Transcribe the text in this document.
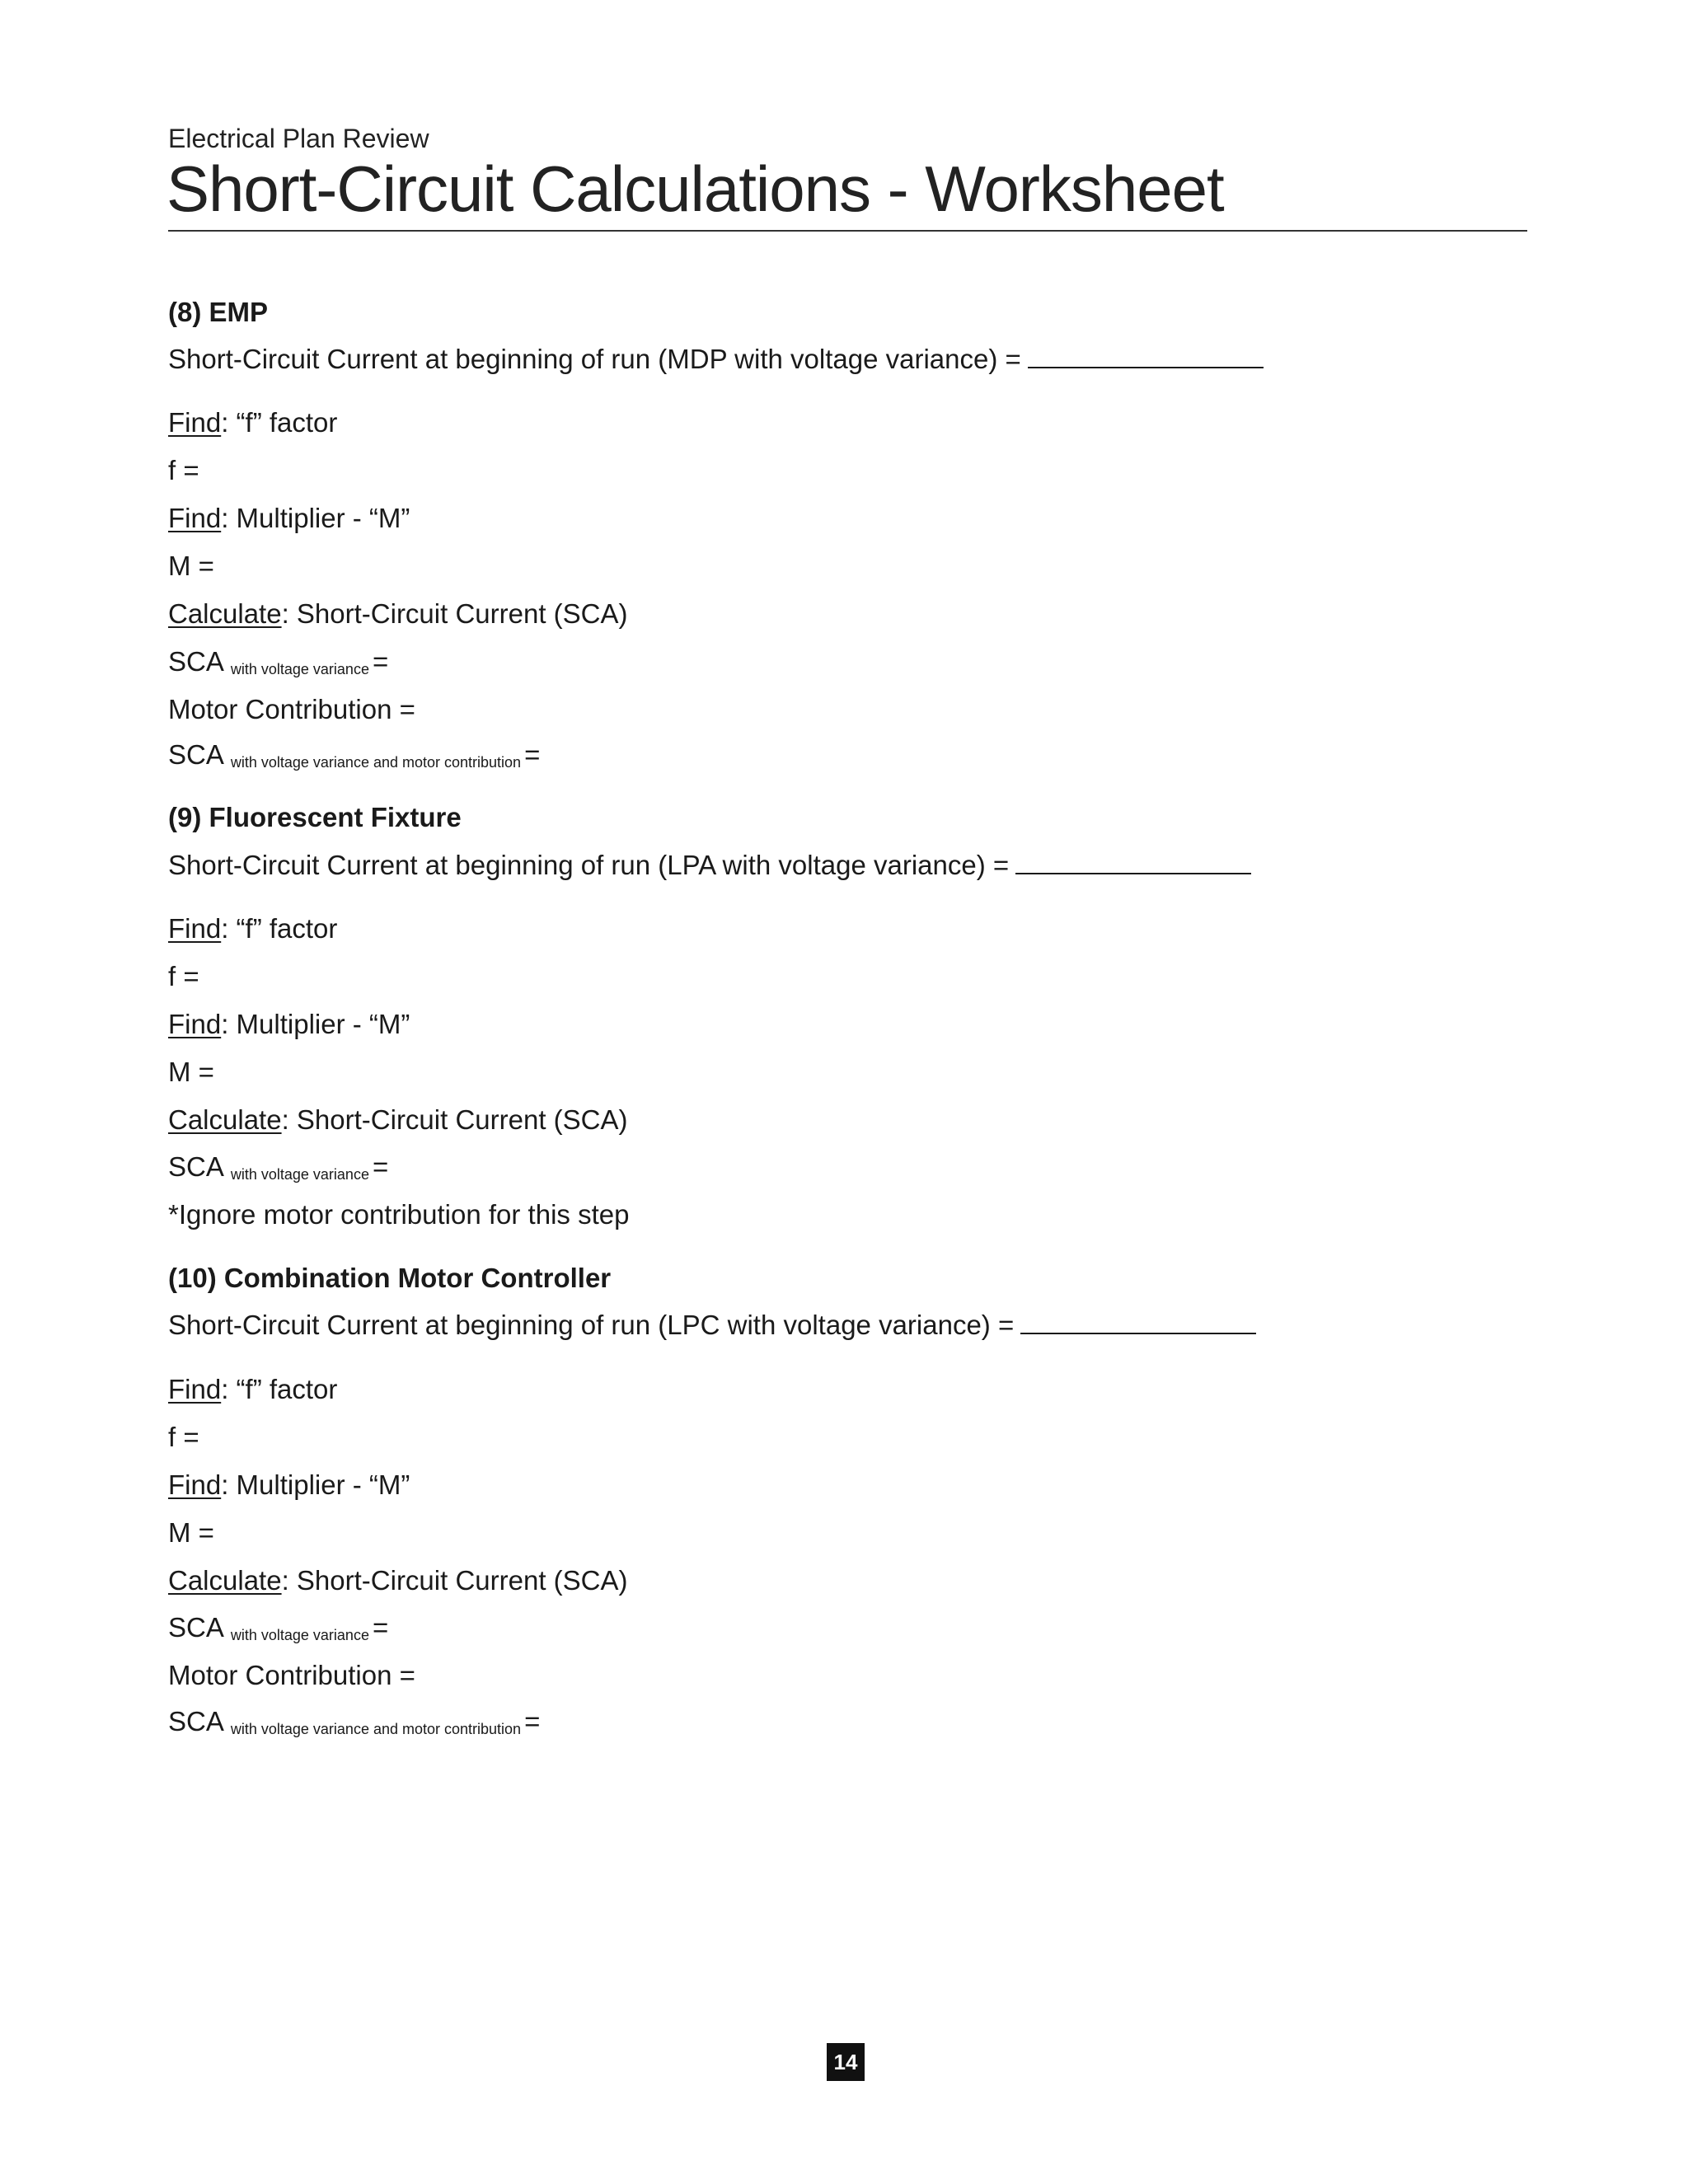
Electrical Plan Review
Short-Circuit Calculations - Worksheet
(8) EMP
Short-Circuit Current at beginning of run (MDP with voltage variance) =
Find: “f” factor
f =
Find: Multiplier - “M”
M =
Calculate: Short-Circuit Current (SCA)
SCA with voltage variance =
Motor Contribution =
SCA with voltage variance and motor contribution =
(9) Fluorescent Fixture
Short-Circuit Current at beginning of run (LPA with voltage variance) =
Find: “f” factor
f =
Find: Multiplier - “M”
M =
Calculate: Short-Circuit Current (SCA)
SCA with voltage variance =
*Ignore motor contribution for this step
(10) Combination Motor Controller
Short-Circuit Current at beginning of run (LPC with voltage variance) =
Find: “f” factor
f =
Find: Multiplier - “M”
M =
Calculate: Short-Circuit Current (SCA)
SCA with voltage variance =
Motor Contribution =
SCA with voltage variance and motor contribution =
14
